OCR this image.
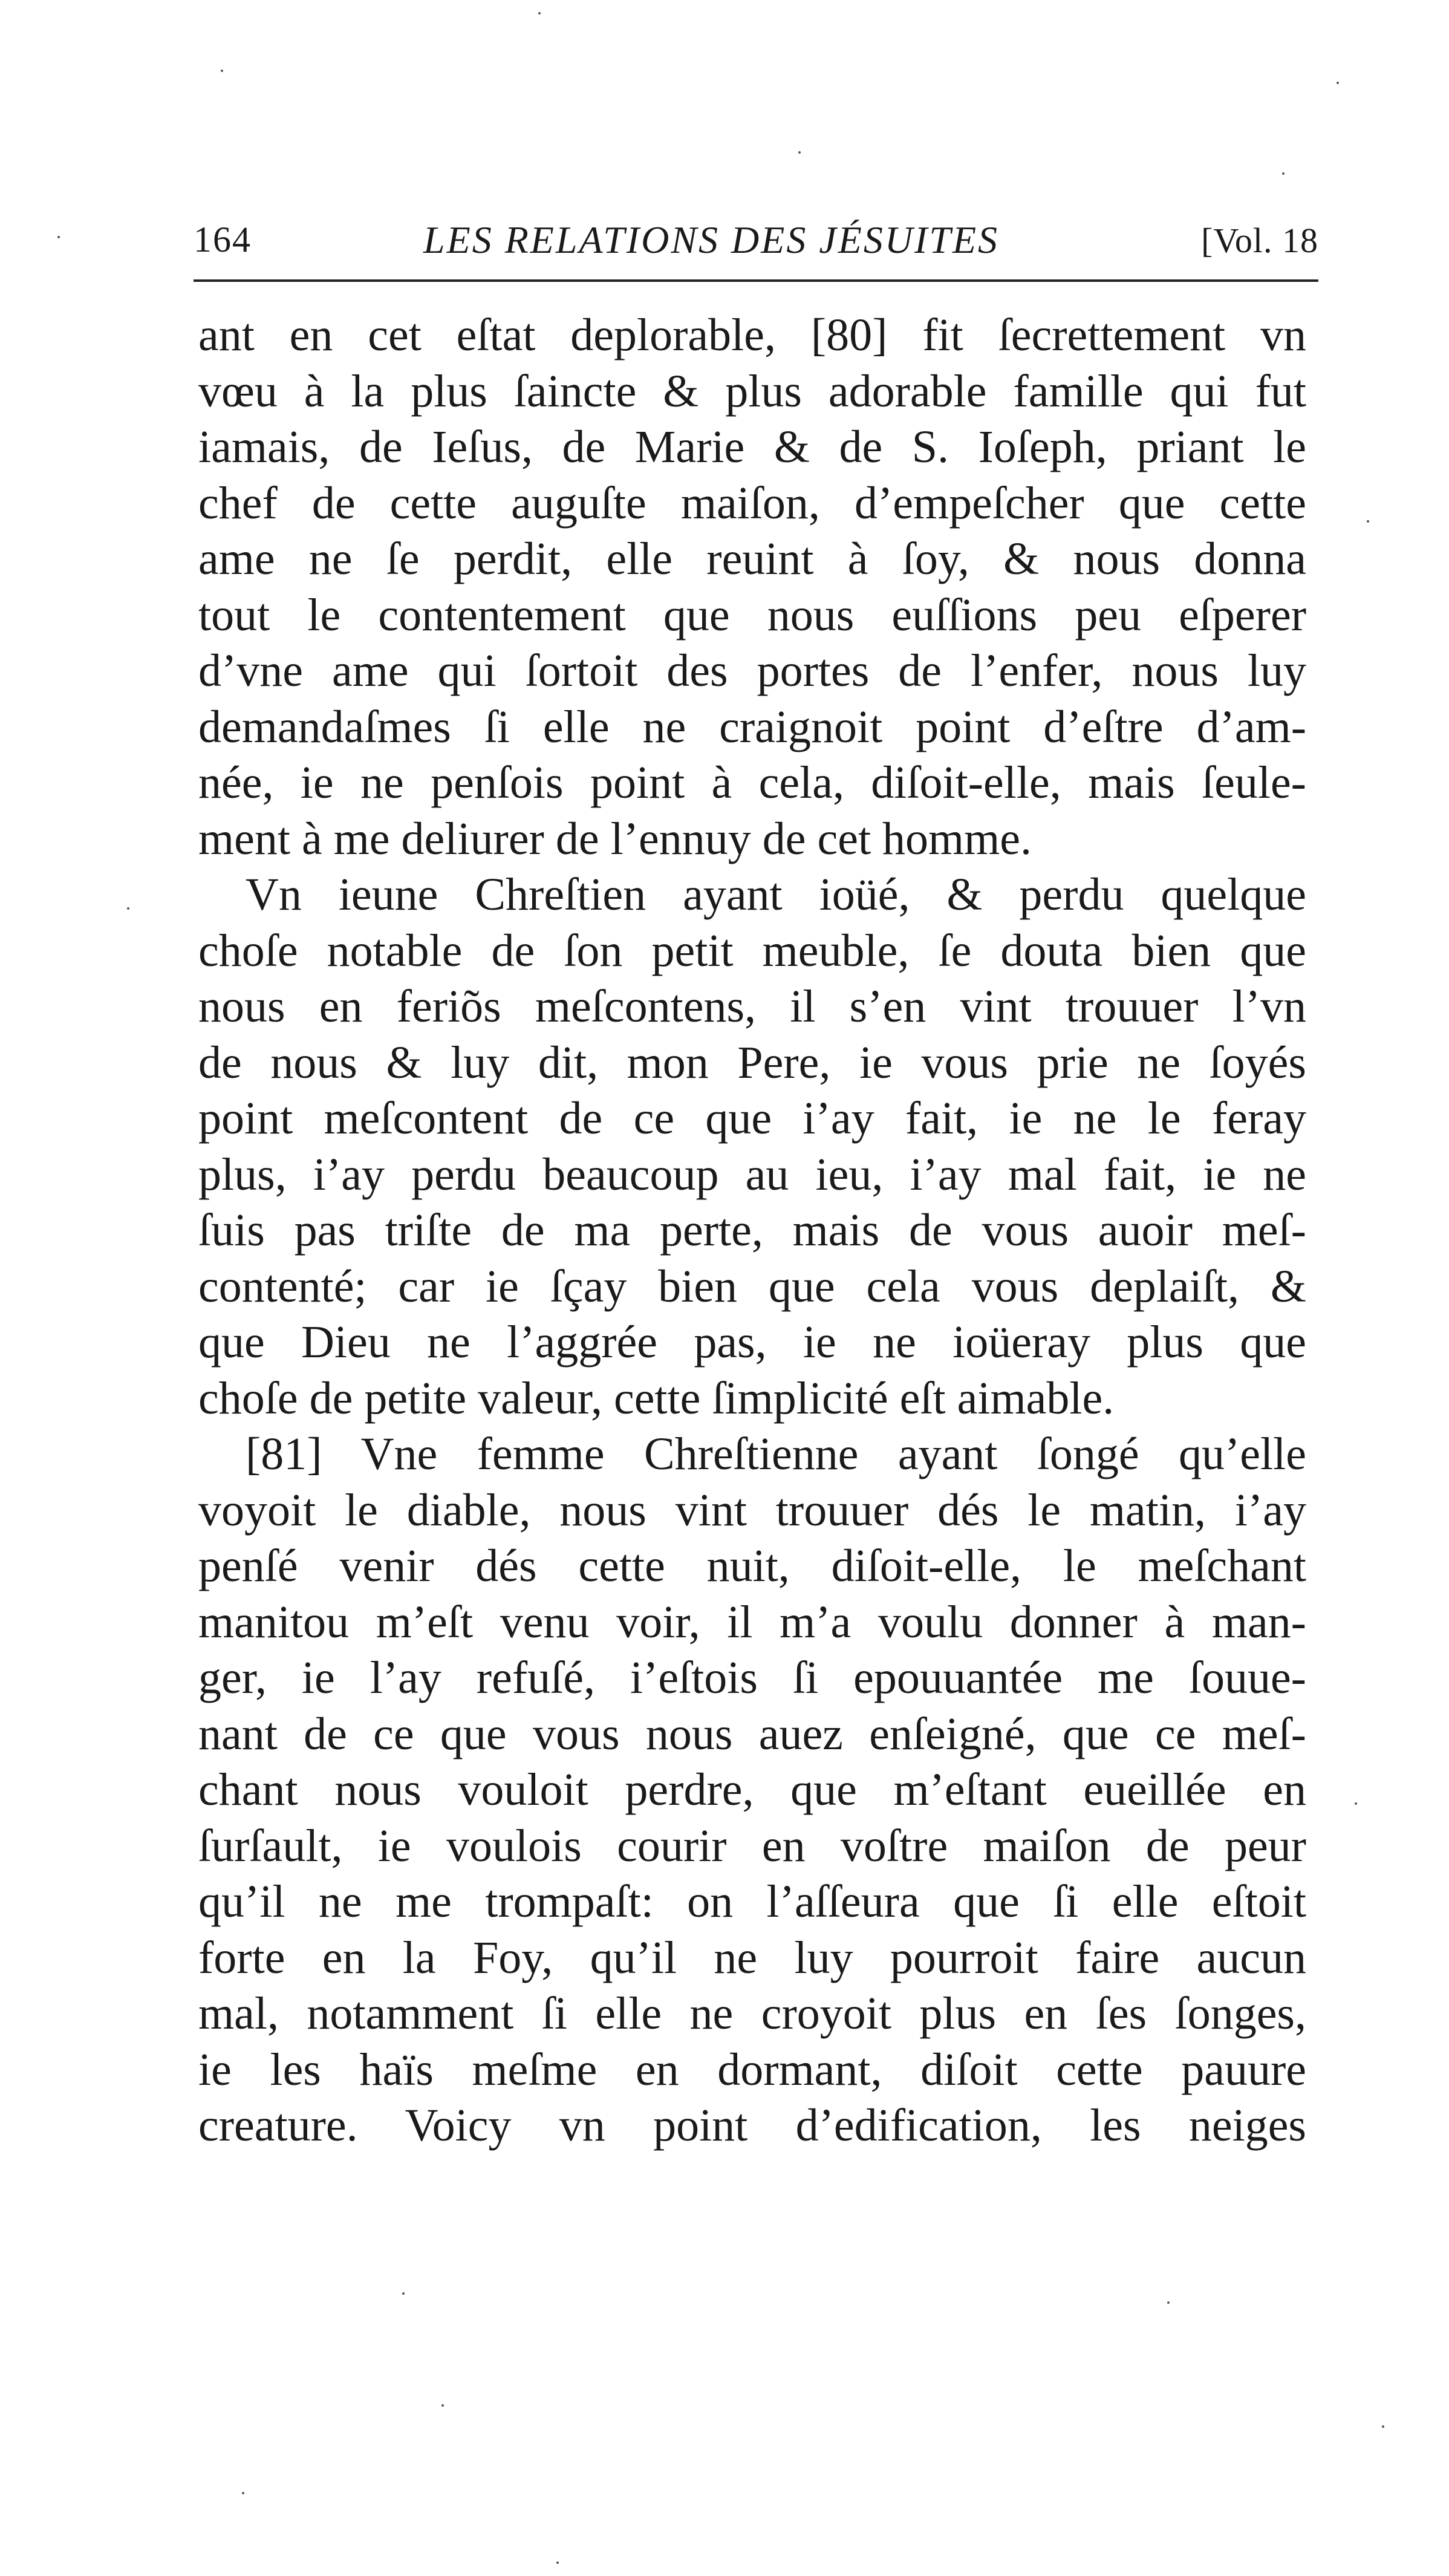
164	LES RELATIONS DES JÉSUITES	[Vol. 18
ant en cet eſtat deplorable, [80] fit ſecrettement vn
vœu à la plus ſaincte & plus adorable famille qui fut
iamais, de Ieſus, de Marie & de S. Ioſeph, priant le
chef de cette auguſte maiſon, d’empeſcher que cette
ame ne ſe perdit, elle reuint à ſoy, & nous donna
tout le contentement que nous euſſions peu eſperer
d’vne ame qui ſortoit des portes de l’enfer, nous luy
demandaſmes ſi elle ne craignoit point d’eſtre d’am-
née, ie ne penſois point à cela, diſoit-elle, mais ſeule-
ment à me deliurer de l’ennuy de cet homme.
Vn ieune Chreſtien ayant ioüé, & perdu quelque
choſe notable de ſon petit meuble, ſe douta bien que
nous en feriõs meſcontens, il s’en vint trouuer l’vn
de nous & luy dit, mon Pere, ie vous prie ne ſoyés
point meſcontent de ce que i’ay fait, ie ne le feray
plus, i’ay perdu beaucoup au ieu, i’ay mal fait, ie ne
ſuis pas triſte de ma perte, mais de vous auoir meſ-
contenté; car ie ſçay bien que cela vous deplaiſt, &
que Dieu ne l’aggrée pas, ie ne ioüeray plus que
choſe de petite valeur, cette ſimplicité eſt aimable.
[81] Vne femme Chreſtienne ayant ſongé qu’elle
voyoit le diable, nous vint trouuer dés le matin, i’ay
penſé venir dés cette nuit, diſoit-elle, le meſchant
manitou m’eſt venu voir, il m’a voulu donner à man-
ger, ie l’ay refuſé, i’eſtois ſi epouuantée me ſouue-
nant de ce que vous nous auez enſeigné, que ce meſ-
chant nous vouloit perdre, que m’eſtant eueillée en
ſurſault, ie voulois courir en voſtre maiſon de peur
qu’il ne me trompaſt: on l’aſſeura que ſi elle eſtoit
forte en la Foy, qu’il ne luy pourroit faire aucun
mal, notamment ſi elle ne croyoit plus en ſes ſonges,
ie les haïs meſme en dormant, diſoit cette pauure
creature. Voicy vn point d’edification, les neiges
